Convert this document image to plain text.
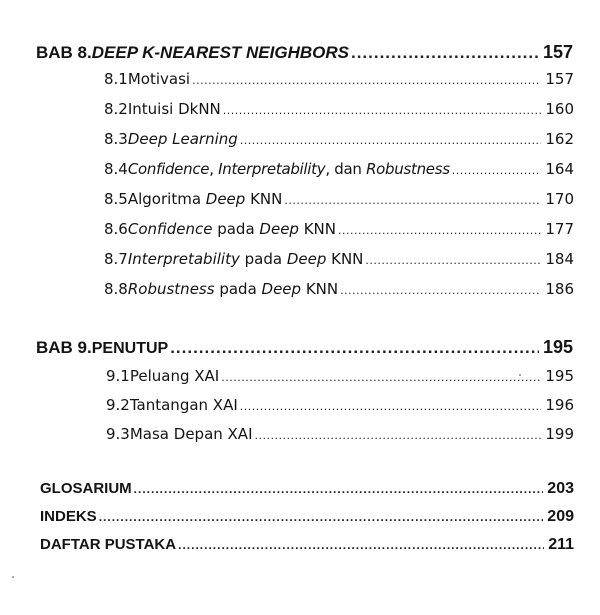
BAB 8. DEEP K-NEAREST NEIGHBORS .....	157
8.1 Motivasi .....	157
8.2 Intuisi DkNN .....	160
8.3 Deep Learning .....	162
8.4 Confidence, Interpretability, dan Robustness .....	164
8.5 Algoritma Deep KNN .....	170
8.6 Confidence pada Deep KNN .....	177
8.7 Interpretability pada Deep KNN .....	184
8.8 Robustness pada Deep KNN .....	186
BAB 9. PENUTUP .....	195
9.1 Peluang XAI .....	195
9.2 Tantangan XAI .....	196
9.3 Masa Depan XAI .....	199
GLOSARIUM .....	203
INDEKS .....	209
DAFTAR PUSTAKA .....	211
